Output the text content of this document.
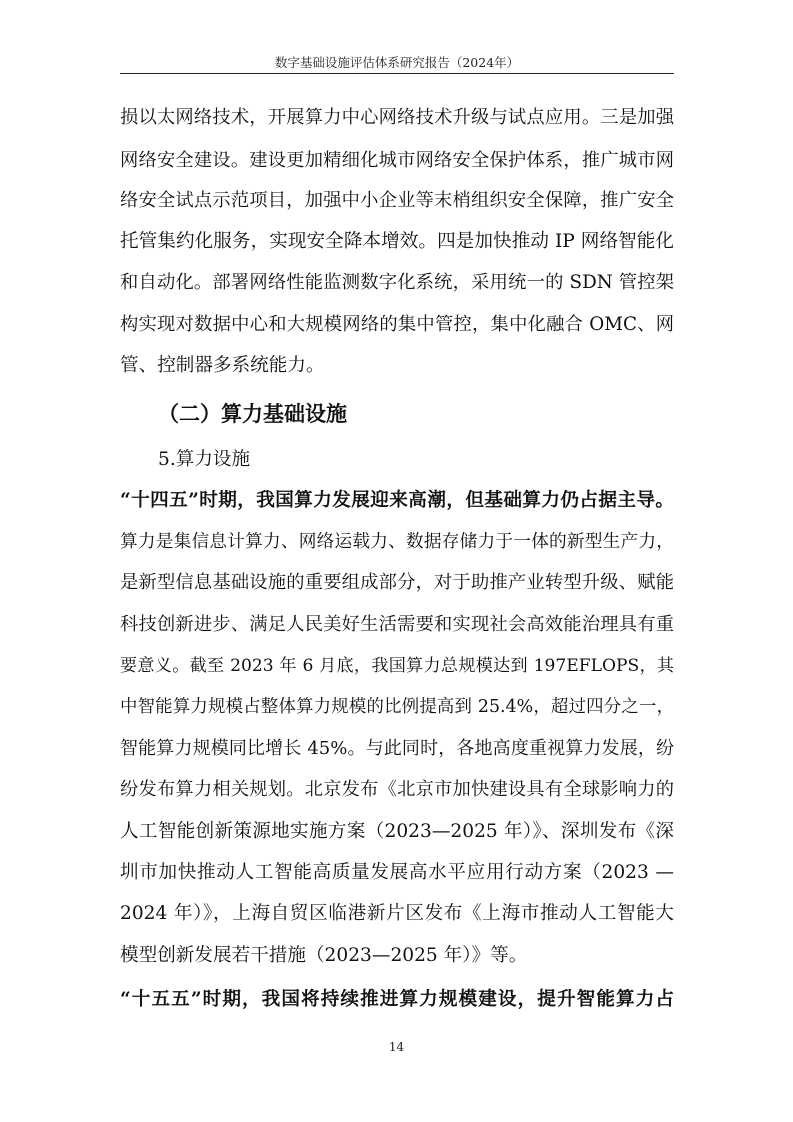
数字基础设施评估体系研究报告（2024年）
损以太网络技术，开展算力中心网络技术升级与试点应用。三是加强
网络安全建设。建设更加精细化城市网络安全保护体系，推广城市网
络安全试点示范项目，加强中小企业等末梢组织安全保障，推广安全
托管集约化服务，实现安全降本增效。四是加快推动 IP 网络智能化
和自动化。部署网络性能监测数字化系统，采用统一的 SDN 管控架
构实现对数据中心和大规模网络的集中管控，集中化融合 OMC、网
管、控制器多系统能力。
（二）算力基础设施
5.算力设施
“十四五”时期，我国算力发展迎来高潮，但基础算力仍占据主导。
算力是集信息计算力、网络运载力、数据存储力于一体的新型生产力，
是新型信息基础设施的重要组成部分，对于助推产业转型升级、赋能
科技创新进步、满足人民美好生活需要和实现社会高效能治理具有重
要意义。截至 2023 年 6 月底，我国算力总规模达到 197EFLOPS，其
中智能算力规模占整体算力规模的比例提高到 25.4%，超过四分之一，
智能算力规模同比增长 45%。与此同时，各地高度重视算力发展，纷
纷发布算力相关规划。北京发布《北京市加快建设具有全球影响力的
人工智能创新策源地实施方案（2023—2025 年）》、深圳发布《深
圳市加快推动人工智能高质量发展高水平应用行动方案（2023 —
2024 年）》，上海自贸区临港新片区发布《上海市推动人工智能大
模型创新发展若干措施（2023—2025 年）》等。
“十五五”时期，我国将持续推进算力规模建设，提升智能算力占
14
